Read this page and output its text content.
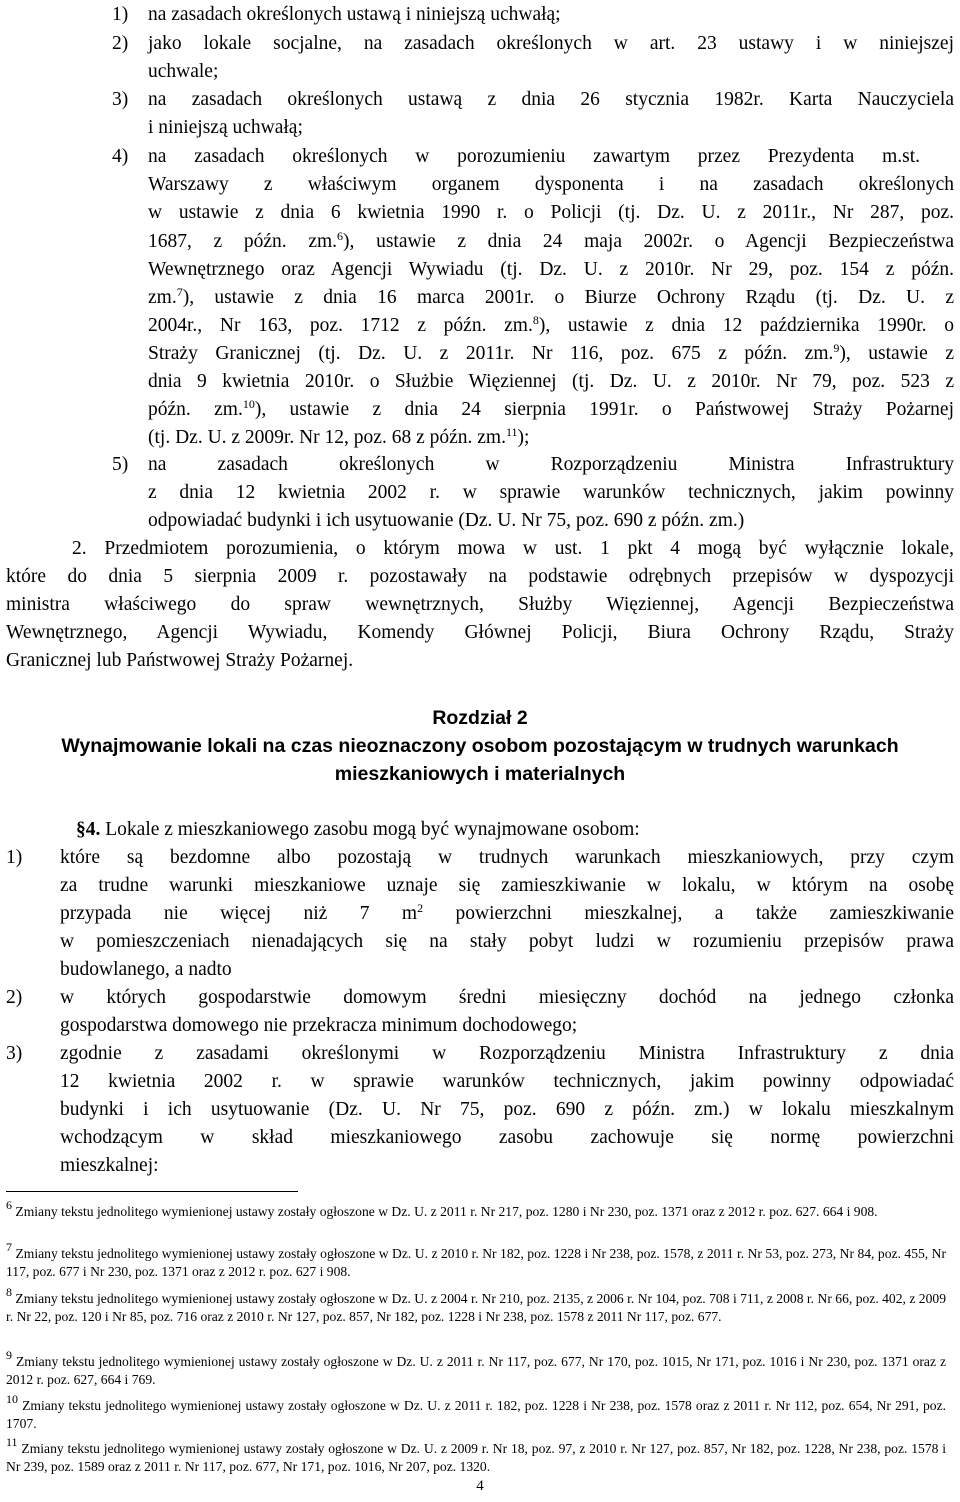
1) na zasadach określonych ustawą i niniejszą uchwałą;
2) jako lokale socjalne, na zasadach określonych w art. 23 ustawy i w niniejszej
uchwale;
3) na zasadach określonych ustawą z dnia 26 stycznia 1982r. Karta Nauczyciela
i niniejszą uchwałą;
4) na zasadach określonych w porozumieniu zawartym przez Prezydenta m.st.
Warszawy z właściwym organem dysponenta i na zasadach określonych
w ustawie z dnia 6 kwietnia 1990 r. o Policji (tj. Dz. U. z 2011r., Nr 287, poz.
1687, z późn. zm.$^6$), ustawie z dnia 24 maja 2002r. o Agencji Bezpieczeństwa
Wewnętrznego oraz Agencji Wywiadu (tj. Dz. U. z 2010r. Nr 29, poz. 154 z późn.
zm.$^7$), ustawie z dnia 16 marca 2001r. o Biurze Ochrony Rządu (tj. Dz. U. z
2004r., Nr 163, poz. 1712 z późn. zm.$^8$), ustawie z dnia 12 października 1990r. o
Straży Granicznej (tj. Dz. U. z 2011r. Nr 116, poz. 675 z późn. zm.$^9$), ustawie z
dnia 9 kwietnia 2010r. o Służbie Więziennej (tj. Dz. U. z 2010r. Nr 79, poz. 523 z
późn. zm.$^{10}$), ustawie z dnia 24 sierpnia 1991r. o Państwowej Straży Pożarnej
(tj. Dz. U. z 2009r. Nr 12, poz. 68 z późn. zm.$^{11}$);
5) na zasadach określonych w Rozporządzeniu Ministra Infrastruktury
z dnia 12 kwietnia 2002 r. w sprawie warunków technicznych, jakim powinny
odpowiadać budynki i ich usytuowanie (Dz. U. Nr 75, poz. 690 z późn. zm.)
2. Przedmiotem porozumienia, o którym mowa w ust. 1 pkt 4 mogą być wyłącznie lokale,
które do dnia 5 sierpnia 2009 r. pozostawały na podstawie odrębnych przepisów w dyspozycji
ministra właściwego do spraw wewnętrznych, Służby Więziennej, Agencji Bezpieczeństwa
Wewnętrznego, Agencji Wywiadu, Komendy Głównej Policji, Biura Ochrony Rządu, Straży
Granicznej lub Państwowej Straży Pożarnej.
Rozdział 2
Wynajmowanie lokali na czas nieoznaczony osobom pozostającym w trudnych warunkach
mieszkaniowych i materialnych
§4. Lokale z mieszkaniowego zasobu mogą być wynajmowane osobom:
1) które są bezdomne albo pozostają w trudnych warunkach mieszkaniowych, przy czym
za trudne warunki mieszkaniowe uznaje się zamieszkiwanie w lokalu, w którym na osobę
przypada nie więcej niż 7 $m^2$ powierzchni mieszkalnej, a także zamieszkiwanie
w pomieszczeniach nienadających się na stały pobyt ludzi w rozumieniu przepisów prawa
budowlanego, a nadto
2) w których gospodarstwie domowym średni miesięczny dochód na jednego członka
gospodarstwa domowego nie przekracza minimum dochodowego;
3) zgodnie z zasadami określonymi w Rozporządzeniu Ministra Infrastruktury z dnia
12 kwietnia 2002 r. w sprawie warunków technicznych, jakim powinny odpowiadać
budynki i ich usytuowanie (Dz. U. Nr 75, poz. 690 z późn. zm.) w lokalu mieszkalnym
wchodzącym w skład mieszkaniowego zasobu zachowuje się normę powierzchni
mieszkalnej:
$^6$ Zmiany tekstu jednolitego wymienionej ustawy zostały ogłoszone w Dz. U. z 2011 r. Nr 217, poz. 1280 i Nr 230, poz. 1371 oraz z 2012 r. poz. 627. 664 i 908.
$^7$ Zmiany tekstu jednolitego wymienionej ustawy zostały ogłoszone w Dz. U. z 2010 r. Nr 182, poz. 1228 i Nr 238, poz. 1578, z 2011 r. Nr 53, poz. 273, Nr 84, poz. 455, Nr 117, poz. 677 i Nr 230, poz. 1371 oraz z 2012 r. poz. 627 i 908.
$^8$ Zmiany tekstu jednolitego wymienionej ustawy zostały ogłoszone w Dz. U. z 2004 r. Nr 210, poz. 2135, z 2006 r. Nr 104, poz. 708 i 711, z 2008 r. Nr 66, poz. 402, z 2009 r. Nr 22, poz. 120 i Nr 85, poz. 716 oraz z 2010 r. Nr 127, poz. 857, Nr 182, poz. 1228 i Nr 238, poz. 1578 z 2011 Nr 117, poz. 677.
$^9$ Zmiany tekstu jednolitego wymienionej ustawy zostały ogłoszone w Dz. U. z 2011 r. Nr 117, poz. 677, Nr 170, poz. 1015, Nr 171, poz. 1016 i Nr 230, poz. 1371 oraz z 2012 r. poz. 627, 664 i 769.
$^{10}$ Zmiany tekstu jednolitego wymienionej ustawy zostały ogłoszone w Dz. U. z 2011 r. 182, poz. 1228 i Nr 238, poz. 1578 oraz z 2011 r. Nr 112, poz. 654, Nr 291, poz. 1707.
$^{11}$ Zmiany tekstu jednolitego wymienionej ustawy zostały ogłoszone w Dz. U. z 2009 r. Nr 18, poz. 97, z 2010 r. Nr 127, poz. 857, Nr 182, poz. 1228, Nr 238, poz. 1578 i Nr 239, poz. 1589 oraz z 2011 r. Nr 117, poz. 677, Nr 171, poz. 1016, Nr 207, poz. 1320.
4
